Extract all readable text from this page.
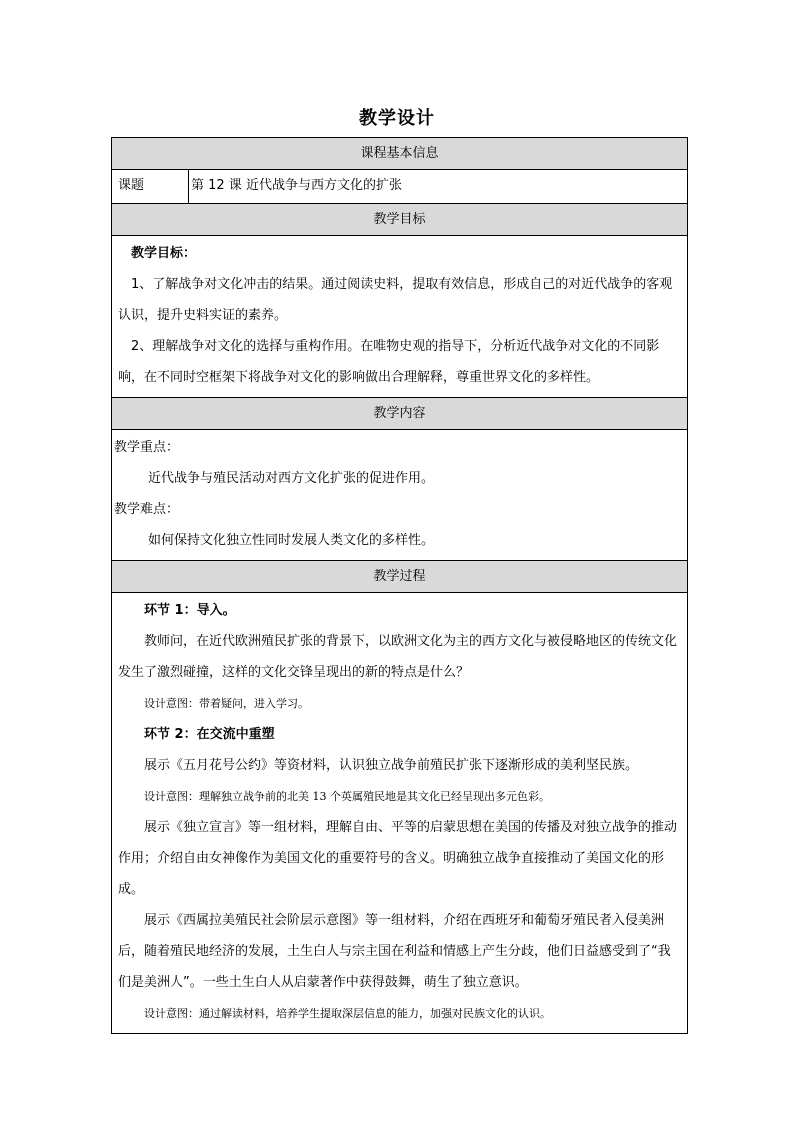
教学设计
课程基本信息
课题	第 12 课 近代战争与西方文化的扩张
教学目标

教学目标：

1、了解战争对文化冲击的结果。通过阅读史料，提取有效信息，形成自己的对近代战争的客观认识，提升史料实证的素养。

2、理解战争对文化的选择与重构作用。在唯物史观的指导下，分析近代战争对文化的不同影响，在不同时空框架下将战争对文化的影响做出合理解释，尊重世界文化的多样性。

教学内容

教学重点：

近代战争与殖民活动对西方文化扩张的促进作用。

教学难点：

如何保持文化独立性同时发展人类文化的多样性。

教学过程

环节 1：导入。

教师问，在近代欧洲殖民扩张的背景下，以欧洲文化为主的西方文化与被侵略地区的传统文化发生了激烈碰撞，这样的文化交锋呈现出的新的特点是什么？

设计意图：带着疑问，进入学习。

环节 2：在交流中重塑

展示《五月花号公约》等资材料，认识独立战争前殖民扩张下逐渐形成的美利坚民族。

设计意图：理解独立战争前的北美 13 个英属殖民地是其文化已经呈现出多元色彩。

展示《独立宣言》等一组材料，理解自由、平等的启蒙思想在美国的传播及对独立战争的推动作用；介绍自由女神像作为美国文化的重要符号的含义。明确独立战争直接推动了美国文化的形成。

展示《西属拉美殖民社会阶层示意图》等一组材料，介绍在西班牙和葡萄牙殖民者入侵美洲后，随着殖民地经济的发展，土生白人与宗主国在利益和情感上产生分歧，他们日益感受到了“我们是美洲人”。一些土生白人从启蒙著作中获得鼓舞，萌生了独立意识。

设计意图：通过解读材料，培养学生提取深层信息的能力，加强对民族文化的认识。
